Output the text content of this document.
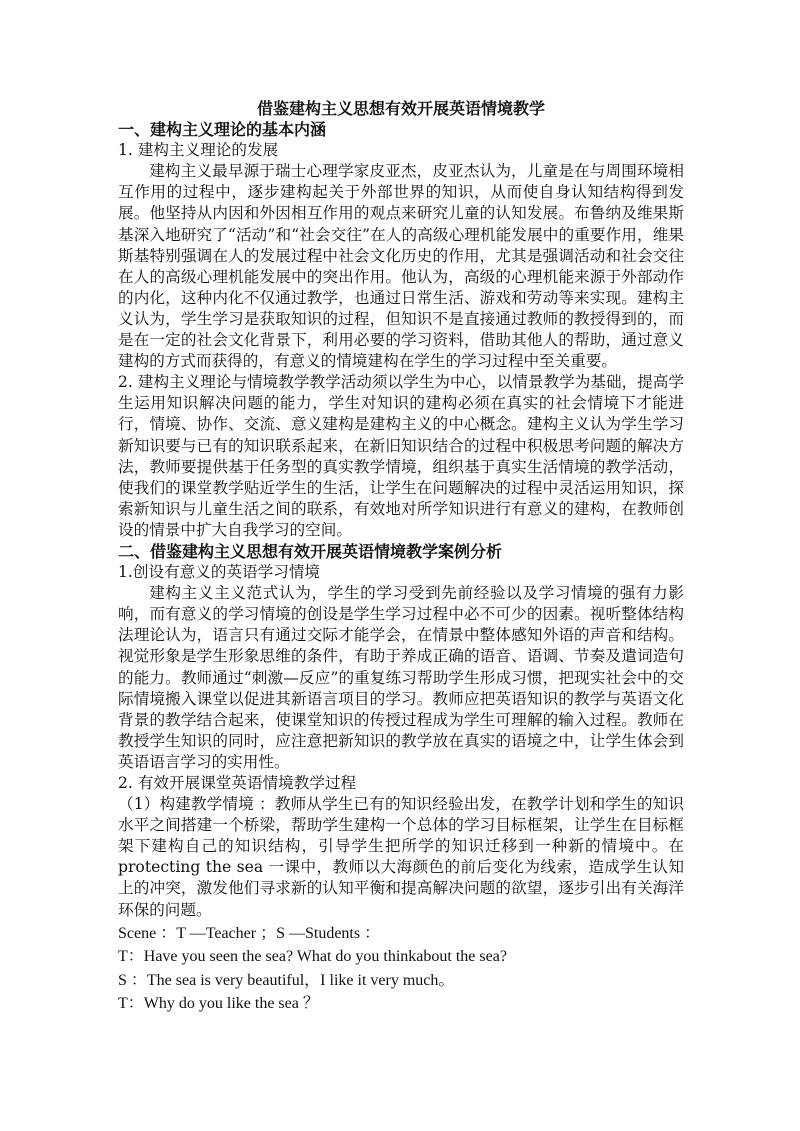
借鉴建构主义思想有效开展英语情境教学
一、建构主义理论的基本内涵
1. 建构主义理论的发展
建构主义最早源于瑞士心理学家皮亚杰，皮亚杰认为，儿童是在与周围环境相互作用的过程中，逐步建构起关于外部世界的知识，从而使自身认知结构得到发展。他坚持从内因和外因相互作用的观点来研究儿童的认知发展。布鲁纳及维果斯基深入地研究了“活动”和“社会交往”在人的高级心理机能发展中的重要作用，维果斯基特别强调在人的发展过程中社会文化历史的作用，尤其是强调活动和社会交往在人的高级心理机能发展中的突出作用。他认为，高级的心理机能来源于外部动作的内化，这种内化不仅通过教学，也通过日常生活、游戏和劳动等来实现。建构主义认为，学生学习是获取知识的过程，但知识不是直接通过教师的教授得到的，而是在一定的社会文化背景下，利用必要的学习资料，借助其他人的帮助，通过意义建构的方式而获得的，有意义的情境建构在学生的学习过程中至关重要。
2. 建构主义理论与情境教学教学活动须以学生为中心，以情景教学为基础，提高学生运用知识解决问题的能力，学生对知识的建构必须在真实的社会情境下才能进行，情境、协作、交流、意义建构是建构主义的中心概念。建构主义认为学生学习新知识要与已有的知识联系起来，在新旧知识结合的过程中积极思考问题的解决方法，教师要提供基于任务型的真实教学情境，组织基于真实生活情境的教学活动，使我们的课堂教学贴近学生的生活，让学生在问题解决的过程中灵活运用知识，探索新知识与儿童生活之间的联系，有效地对所学知识进行有意义的建构，在教师创设的情景中扩大自我学习的空间。
二、借鉴建构主义思想有效开展英语情境教学案例分析
1.创设有意义的英语学习情境
建构主义主义范式认为，学生的学习受到先前经验以及学习情境的强有力影响，而有意义的学习情境的创设是学生学习过程中必不可少的因素。视听整体结构法理论认为，语言只有通过交际才能学会，在情景中整体感知外语的声音和结构。视觉形象是学生形象思维的条件，有助于养成正确的语音、语调、节奏及遣词造句的能力。教师通过“刺激—反应”的重复练习帮助学生形成习惯，把现实社会中的交际情境搬入课堂以促进其新语言项目的学习。教师应把英语知识的教学与英语文化背景的教学结合起来，使课堂知识的传授过程成为学生可理解的输入过程。教师在教授学生知识的同时，应注意把新知识的教学放在真实的语境之中，让学生体会到英语语言学习的实用性。
2. 有效开展课堂英语情境教学过程
（1）构建教学情境 ：教师从学生已有的知识经验出发，在教学计划和学生的知识水平之间搭建一个桥梁，帮助学生建构一个总体的学习目标框架，让学生在目标框架下建构自己的知识结构，引导学生把所学的知识迁移到一种新的情境中。在 protecting the sea 一课中，教师以大海颜色的前后变化为线索，造成学生认知上的冲突，激发他们寻求新的认知平衡和提高解决问题的欲望，逐步引出有关海洋环保的问题。
Scene ：T —Teacher ；S —Students ：
T：Have you seen the sea? What do you thinkabout the sea?
S ：The sea is very beautiful，I like it very much。
T：Why do you like the sea ？
